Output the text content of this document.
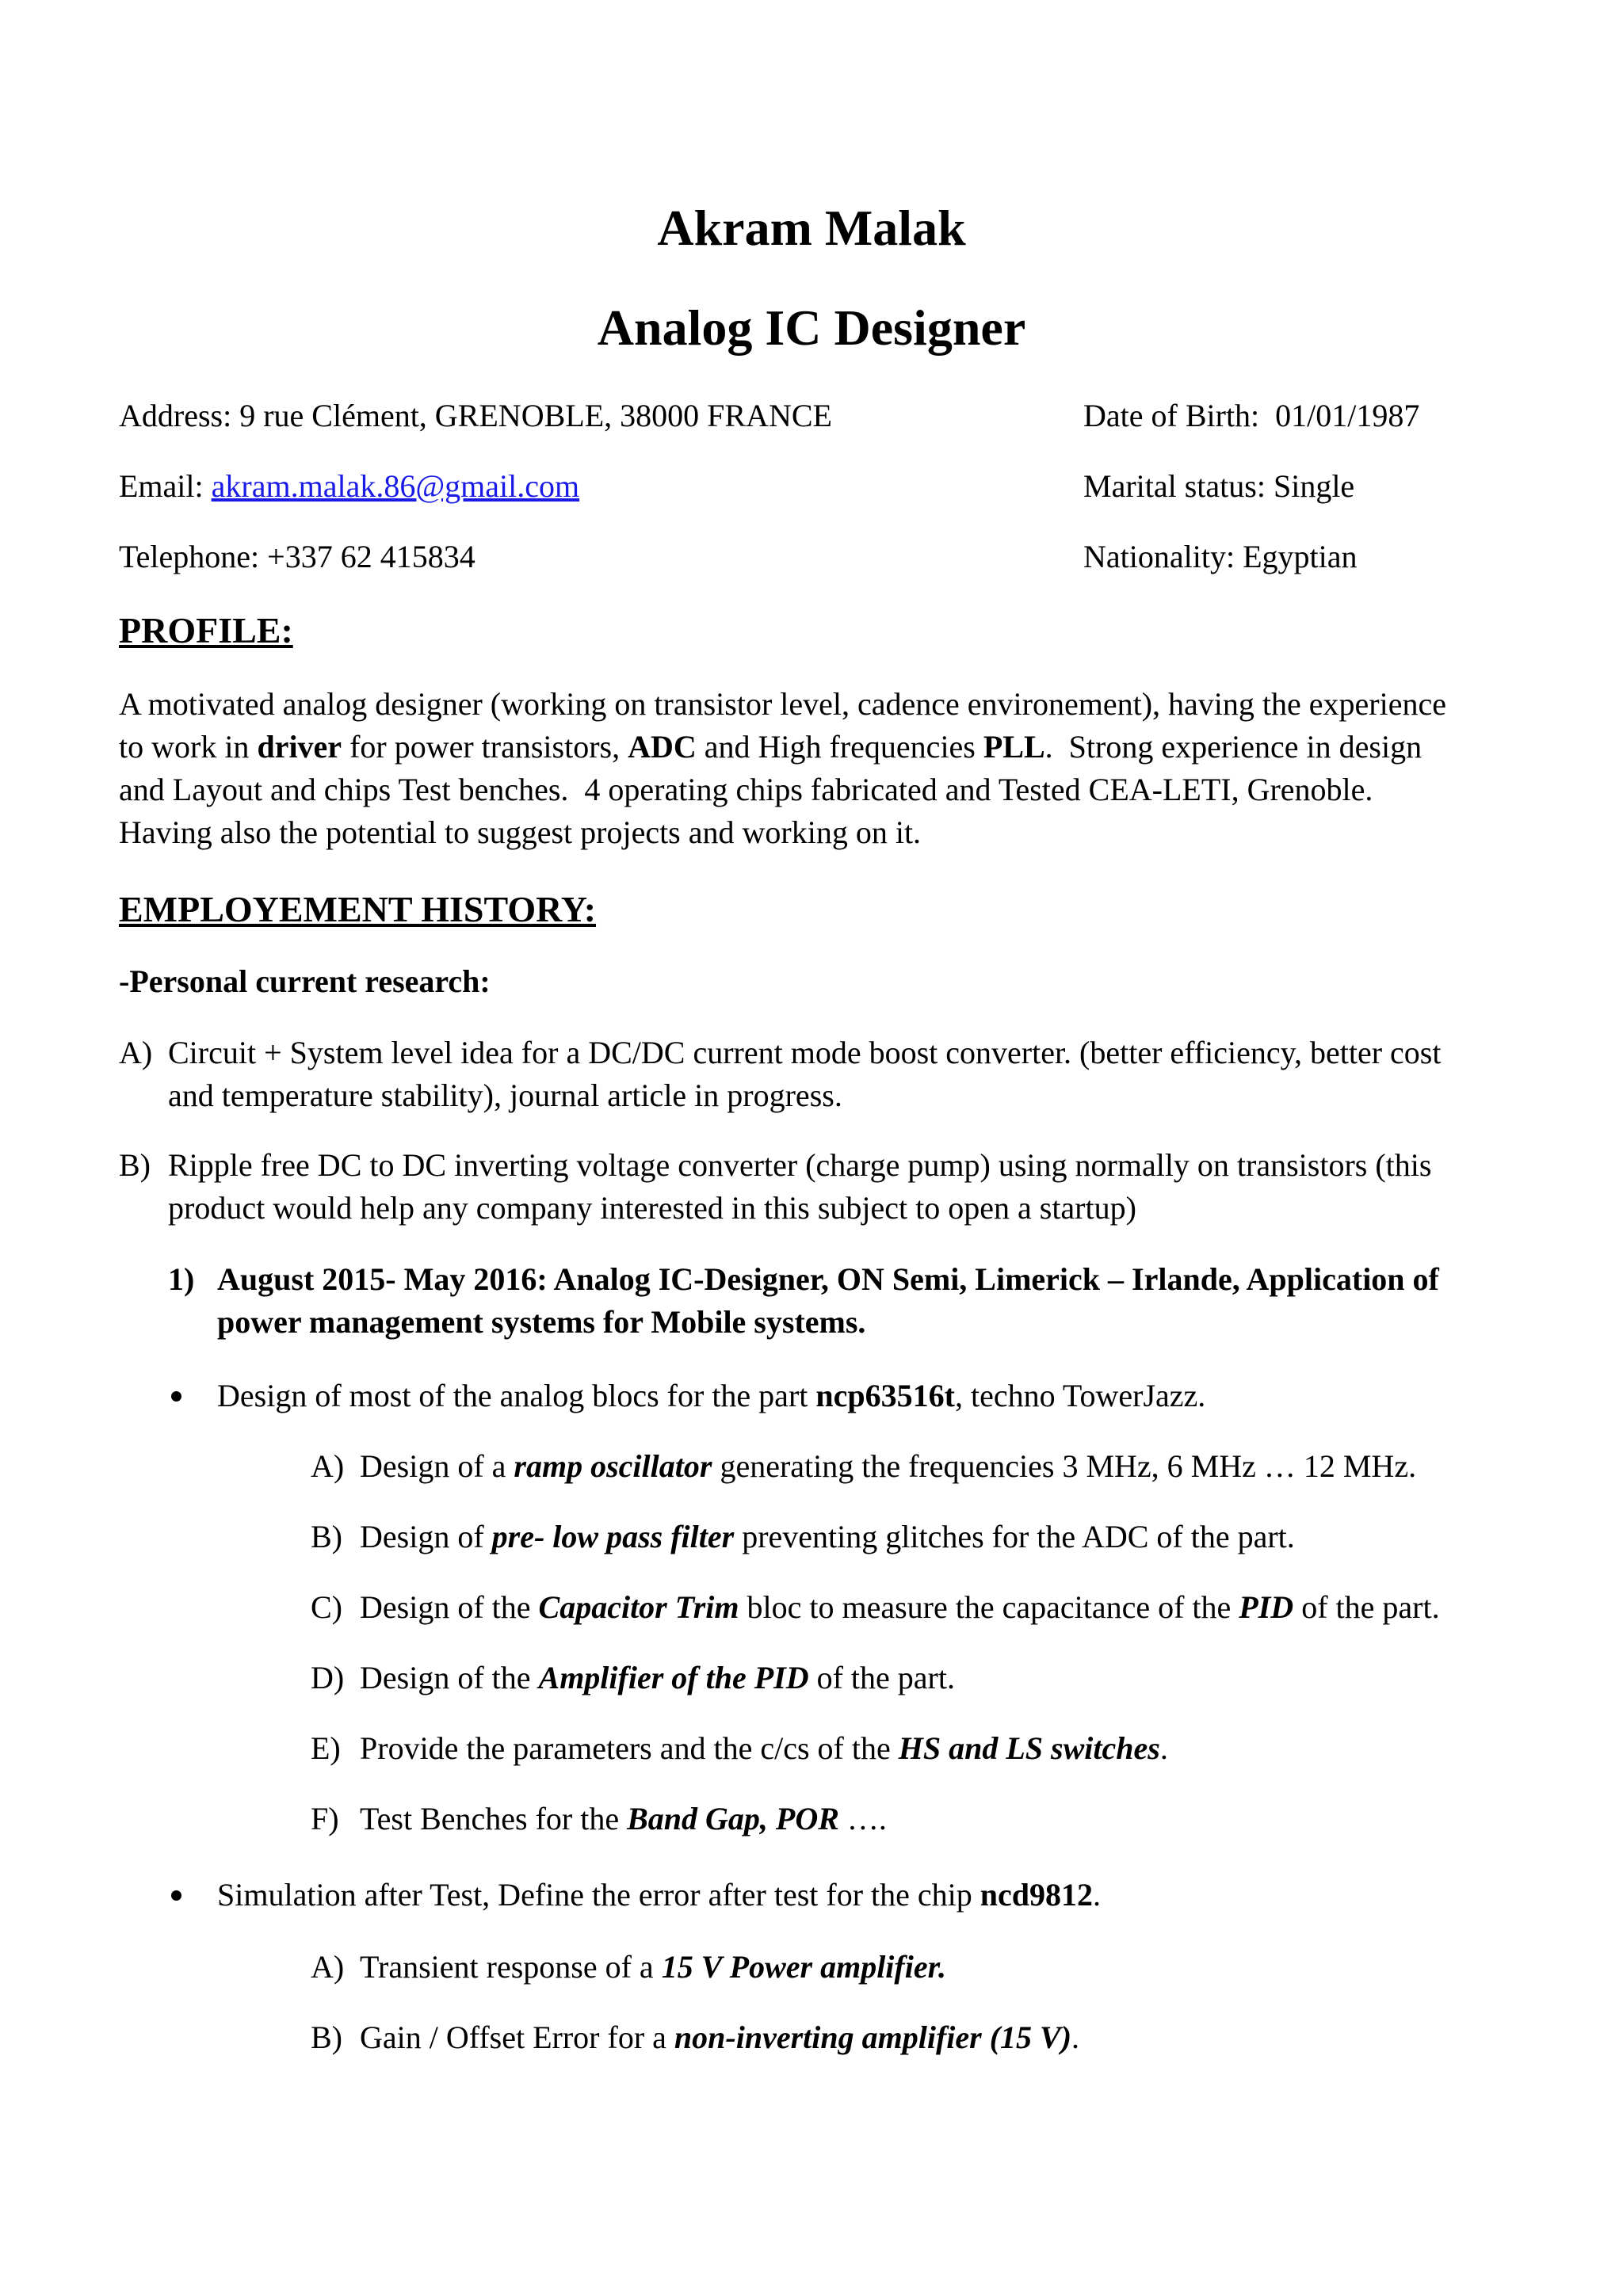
Akram Malak
Analog IC Designer
Address: 9 rue Clément, GRENOBLE, 38000 FRANCE
Email: akram.malak.86@gmail.com
Telephone: +337 62 415834
Date of Birth:  01/01/1987
Marital status: Single
Nationality: Egyptian
PROFILE:
A motivated analog designer (working on transistor level, cadence environement), having the experience
to work in driver for power transistors, ADC and High frequencies PLL.  Strong experience in design
and Layout and chips Test benches.  4 operating chips fabricated and Tested CEA-LETI, Grenoble.
Having also the potential to suggest projects and working on it.
EMPLOYEMENT HISTORY:
-Personal current research:
A) Circuit + System level idea for a DC/DC current mode boost converter. (better efficiency, better cost
and temperature stability), journal article in progress.
B) Ripple free DC to DC inverting voltage converter (charge pump) using normally on transistors (this
product would help any company interested in this subject to open a startup)
1) August 2015- May 2016: Analog IC-Designer, ON Semi, Limerick – Irlande, Application of
power management systems for Mobile systems.
Design of most of the analog blocs for the part ncp63516t, techno TowerJazz.
A) Design of a ramp oscillator generating the frequencies 3 MHz, 6 MHz … 12 MHz.
B) Design of pre- low pass filter preventing glitches for the ADC of the part.
C) Design of the Capacitor Trim bloc to measure the capacitance of the PID of the part.
D) Design of the Amplifier of the PID of the part.
E) Provide the parameters and the c/cs of the HS and LS switches.
F) Test Benches for the Band Gap, POR ….
Simulation after Test, Define the error after test for the chip ncd9812.
A) Transient response of a 15 V Power amplifier.
B) Gain / Offset Error for a non-inverting amplifier (15 V).
